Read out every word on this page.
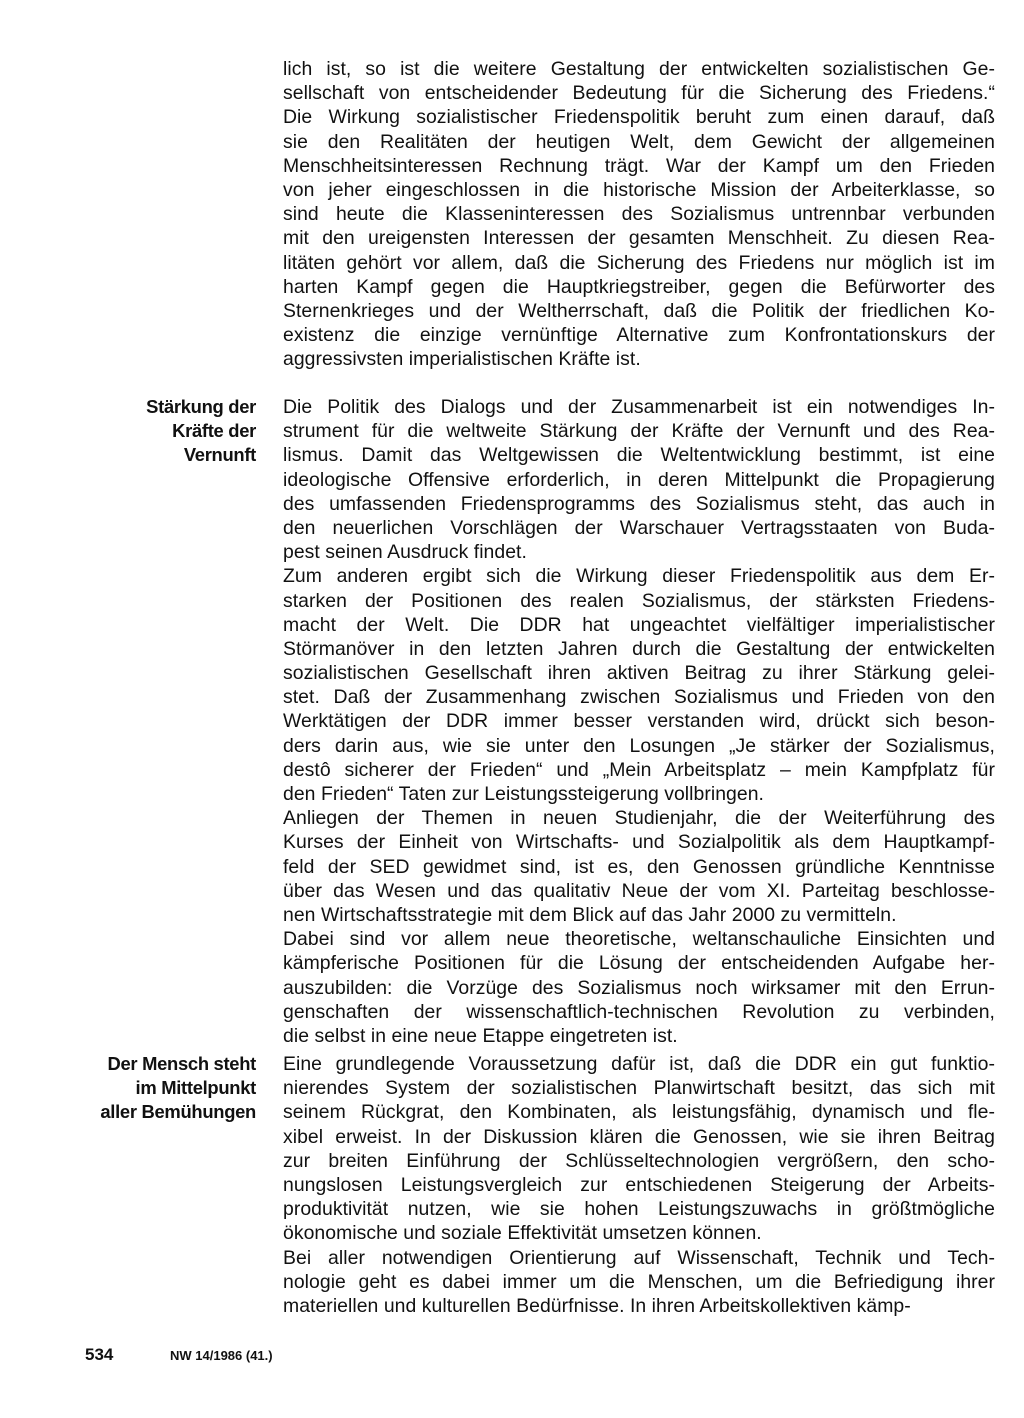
lich ist, so ist die weitere Gestaltung der entwickelten sozialistischen Ge-
sellschaft von entscheidender Bedeutung für die Sicherung des Friedens.“
Die Wirkung sozialistischer Friedenspolitik beruht zum einen darauf, daß
sie den Realitäten der heutigen Welt, dem Gewicht der allgemeinen
Menschheitsinteressen Rechnung trägt. War der Kampf um den Frieden
von jeher eingeschlossen in die historische Mission der Arbeiterklasse, so
sind heute die Klasseninteressen des Sozialismus untrennbar verbunden
mit den ureigensten Interessen der gesamten Menschheit. Zu diesen Rea-
litäten gehört vor allem, daß die Sicherung des Friedens nur möglich ist im
harten Kampf gegen die Hauptkriegstreiber, gegen die Befürworter des
Sternenkrieges und der Weltherrschaft, daß die Politik der friedlichen Ko-
existenz die einzige vernünftige Alternative zum Konfrontationskurs der
aggressivsten imperialistischen Kräfte ist.
Stärkung der
Kräfte der
Vernunft
Die Politik des Dialogs und der Zusammenarbeit ist ein notwendiges In-
strument für die weltweite Stärkung der Kräfte der Vernunft und des Rea-
lismus. Damit das Weltgewissen die Weltentwicklung bestimmt, ist eine
ideologische Offensive erforderlich, in deren Mittelpunkt die Propagierung
des umfassenden Friedensprogramms des Sozialismus steht, das auch in
den neuerlichen Vorschlägen der Warschauer Vertragsstaaten von Buda-
pest seinen Ausdruck findet.
Zum anderen ergibt sich die Wirkung dieser Friedenspolitik aus dem Er-
starken der Positionen des realen Sozialismus, der stärksten Friedens-
macht der Welt. Die DDR hat ungeachtet vielfältiger imperialistischer
Störmanöver in den letzten Jahren durch die Gestaltung der entwickelten
sozialistischen Gesellschaft ihren aktiven Beitrag zu ihrer Stärkung gelei-
stet. Daß der Zusammenhang zwischen Sozialismus und Frieden von den
Werktätigen der DDR immer besser verstanden wird, drückt sich beson-
ders darin aus, wie sie unter den Losungen „Je stärker der Sozialismus,
destô sicherer der Frieden“ und „Mein Arbeitsplatz – mein Kampfplatz für
den Frieden“ Taten zur Leistungssteigerung vollbringen.
Anliegen der Themen in neuen Studienjahr, die der Weiterführung des
Kurses der Einheit von Wirtschafts- und Sozialpolitik als dem Hauptkampf-
feld der SED gewidmet sind, ist es, den Genossen gründliche Kenntnisse
über das Wesen und das qualitativ Neue der vom XI. Parteitag beschlosse-
nen Wirtschaftsstrategie mit dem Blick auf das Jahr 2000 zu vermitteln.
Dabei sind vor allem neue theoretische, weltanschauliche Einsichten und
kämpferische Positionen für die Lösung der entscheidenden Aufgabe her-
auszubilden: die Vorzüge des Sozialismus noch wirksamer mit den Errun-
genschaften der wissenschaftlich-technischen Revolution zu verbinden,
die selbst in eine neue Etappe eingetreten ist.
Der Mensch steht
im Mittelpunkt
aller Bemühungen
Eine grundlegende Voraussetzung dafür ist, daß die DDR ein gut funktio-
nierendes System der sozialistischen Planwirtschaft besitzt, das sich mit
seinem Rückgrat, den Kombinaten, als leistungsfähig, dynamisch und fle-
xibel erweist. In der Diskussion klären die Genossen, wie sie ihren Beitrag
zur breiten Einführung der Schlüsseltechnologien vergrößern, den scho-
nungslosen Leistungsvergleich zur entschiedenen Steigerung der Arbeits-
produktivität nutzen, wie sie hohen Leistungszuwachs in größtmögliche
ökonomische und soziale Effektivität umsetzen können.
Bei aller notwendigen Orientierung auf Wissenschaft, Technik und Tech-
nologie geht es dabei immer um die Menschen, um die Befriedigung ihrer
materiellen und kulturellen Bedürfnisse. In ihren Arbeitskollektiven kämp-
534	NW 14/1986 (41.)
